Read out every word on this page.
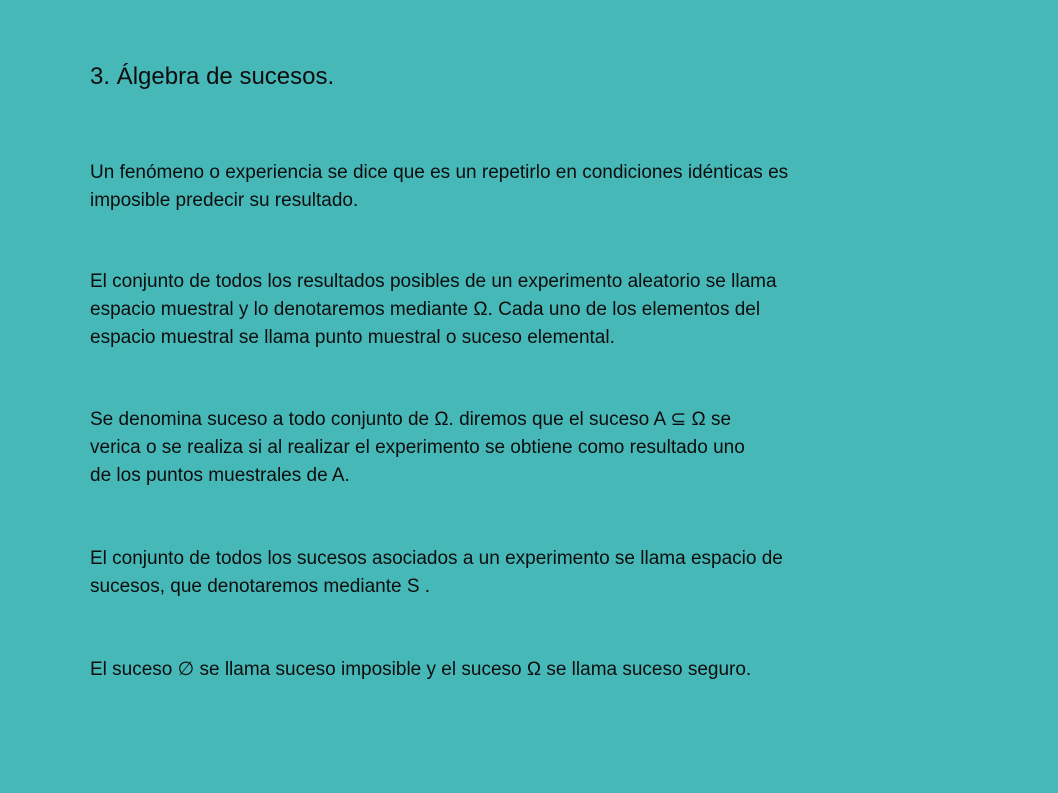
3. Álgebra de sucesos.

Un fenómeno o experiencia se dice que es un repetirlo en condiciones idénticas es
imposible predecir su resultado.

El conjunto de todos los resultados posibles de un experimento aleatorio se llama
espacio muestral y lo denotaremos mediante Ω. Cada uno de los elementos del
espacio muestral se llama punto muestral o suceso elemental.

Se denomina suceso a todo conjunto de Ω. diremos que el suceso A ⊆ Ω se
verica o se realiza si al realizar el experimento se obtiene como resultado uno
de los puntos muestrales de A.

El conjunto de todos los sucesos asociados a un experimento se llama espacio de
sucesos, que denotaremos mediante S .

El suceso ∅ se llama suceso imposible y el suceso Ω se llama suceso seguro.
